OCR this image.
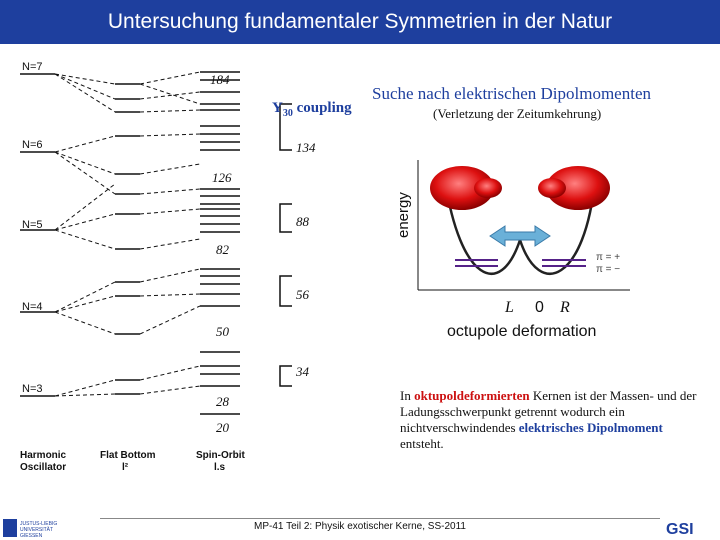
Untersuchung fundamentaler Symmetrien in der Natur
184
134
126
88
82
56
50
34
28
20
N=7
N=6
N=5
N=4
N=3
Harmonic
Oscillator
Flat Bottom
l²
Spin-Orbit
l.s
$Y_{30}$ coupling
Suche nach elektrischen Dipolmomenten
(Verletzung der Zeitumkehrung)
energy
π = +
π = −
L 0 R
octupole deformation
In oktupoldeformierten Kernen ist der Massen- und der Ladungsschwerpunkt getrennt wodurch ein nichtverschwindendes elektrisches Dipolmoment entsteht.
MP-41 Teil 2: Physik exotischer Kerne, SS-2011
JUSTUS-LIEBIG
UNIVERSITÄT
GIESSEN	GSI
